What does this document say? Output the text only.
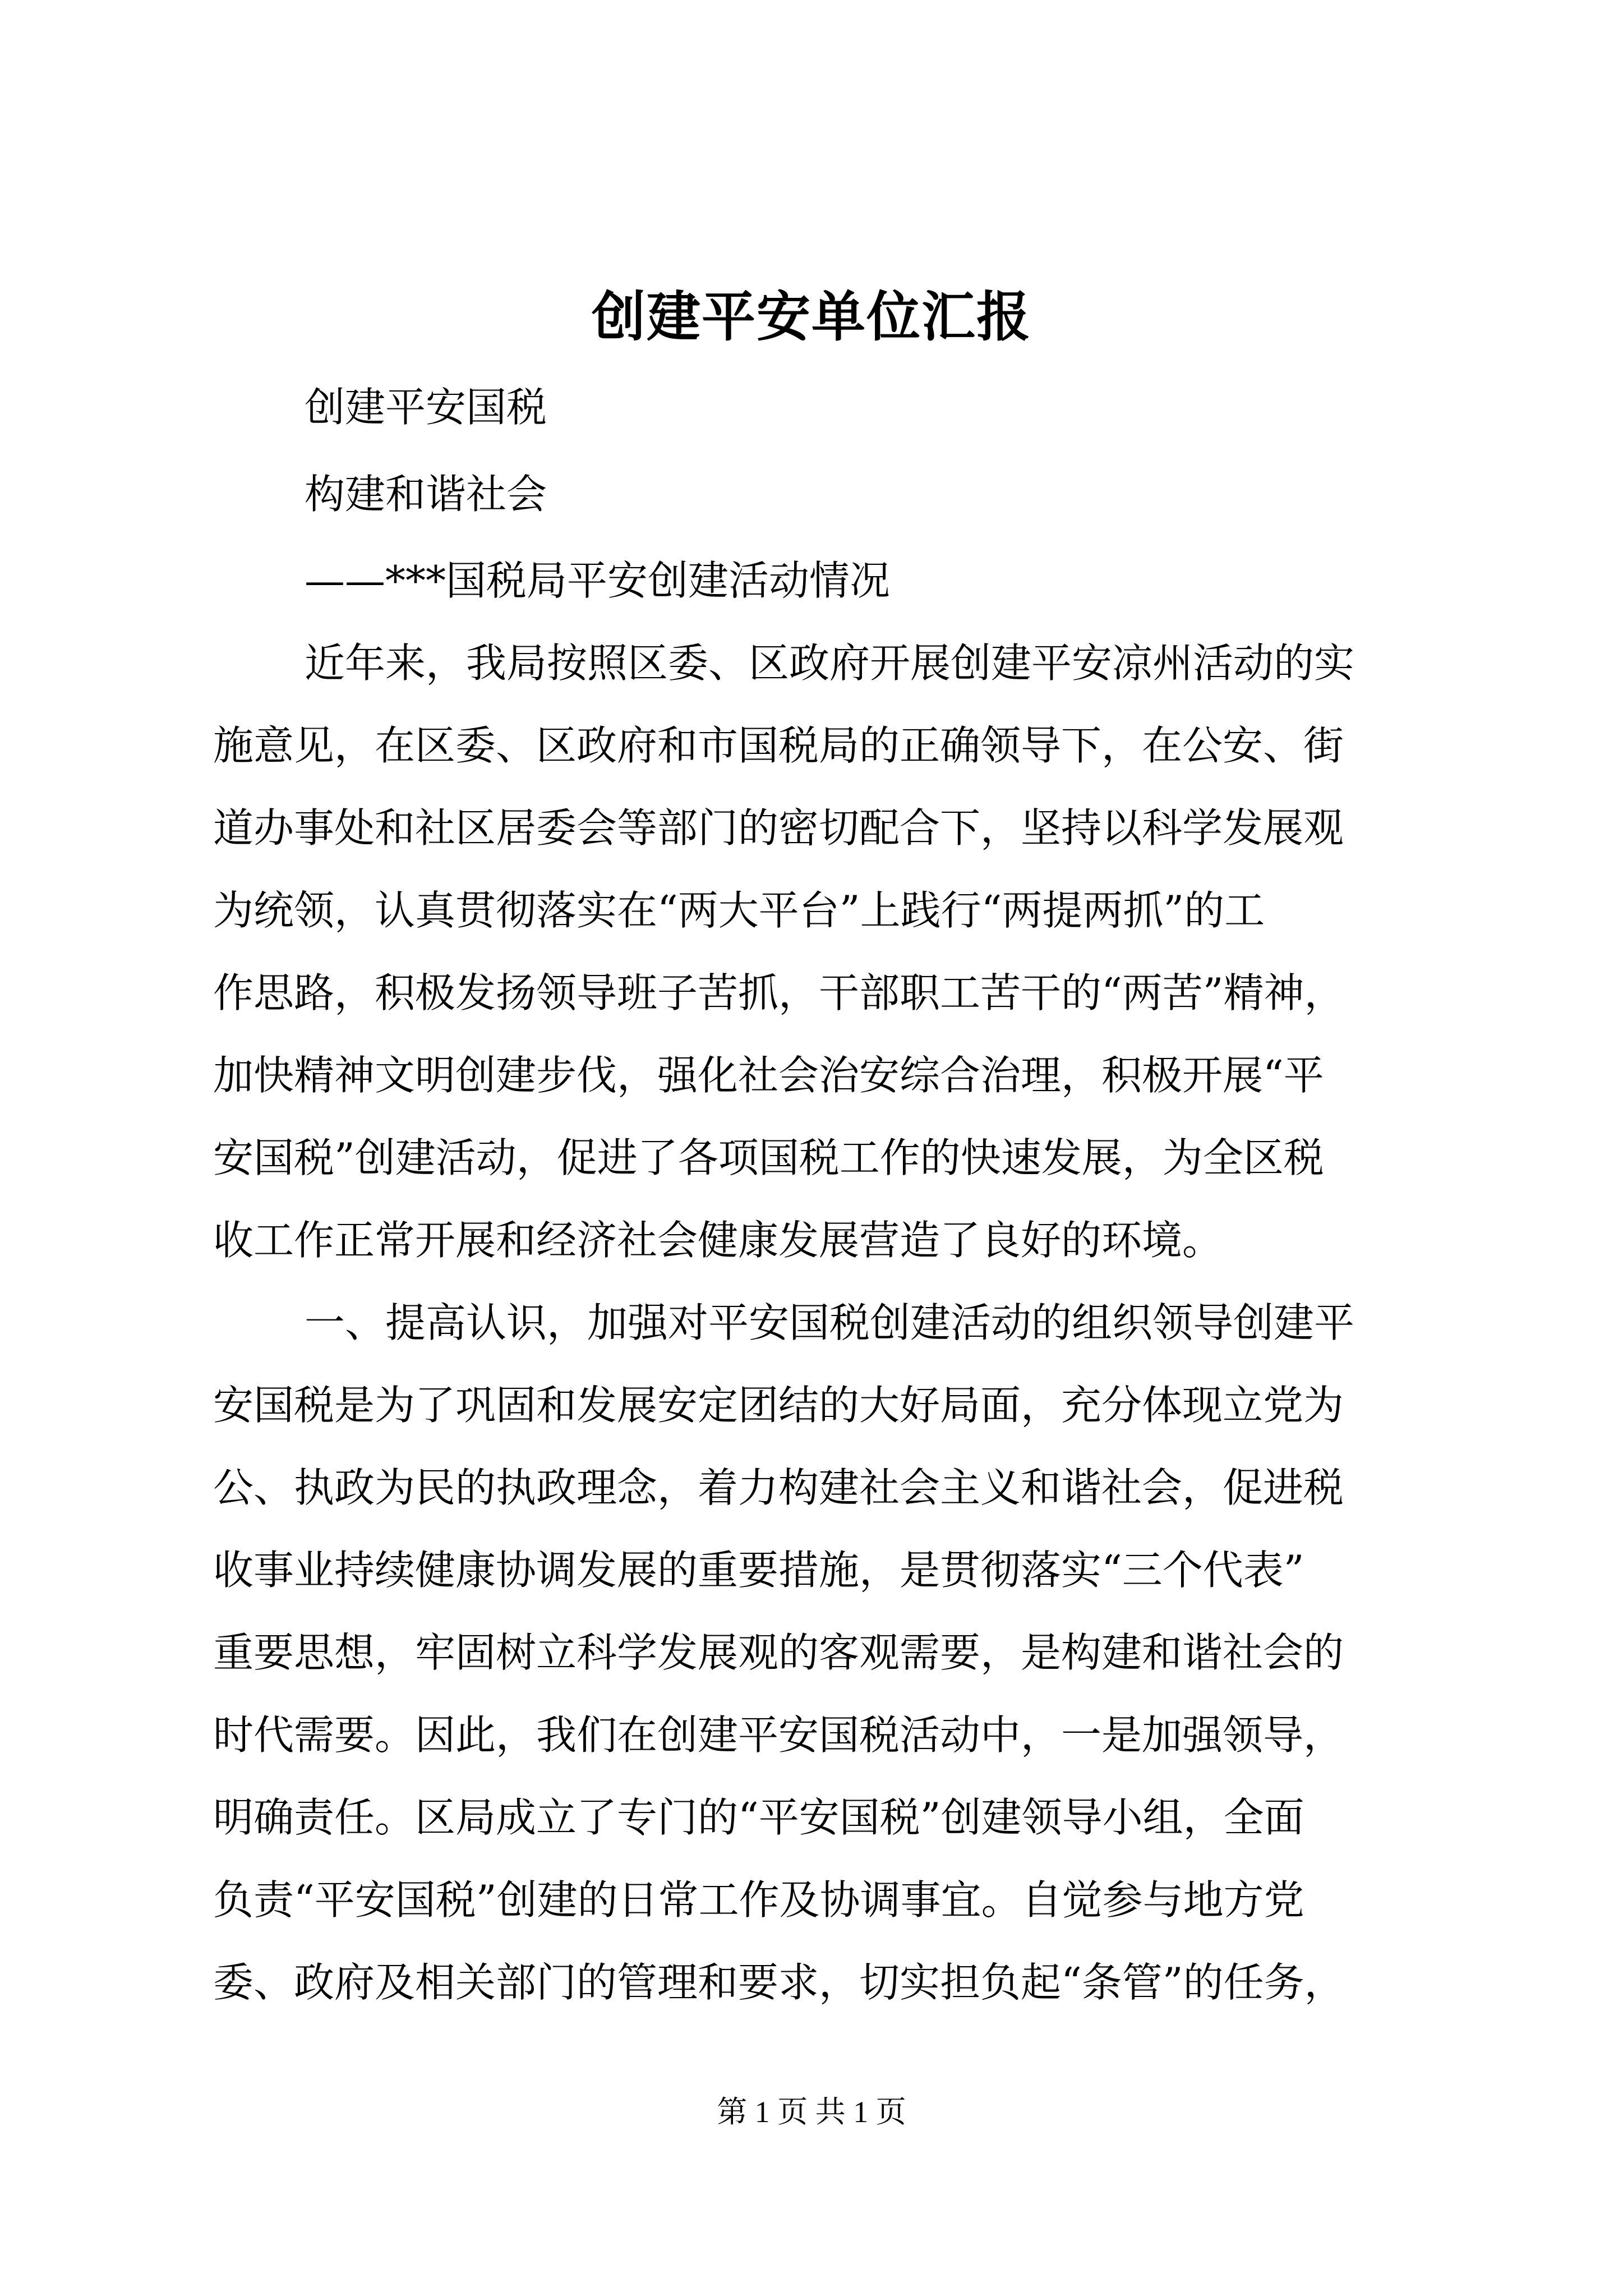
创建平安单位汇报
创建平安国税
构建和谐社会
——***国税局平安创建活动情况
近年来，我局按照区委、区政府开展创建平安凉州活动的实
施意见，在区委、区政府和市国税局的正确领导下，在公安、街
道办事处和社区居委会等部门的密切配合下，坚持以科学发展观
为统领，认真贯彻落实在“两大平台”上践行“两提两抓”的工
作思路，积极发扬领导班子苦抓，干部职工苦干的“两苦”精神，
加快精神文明创建步伐，强化社会治安综合治理，积极开展“平
安国税”创建活动，促进了各项国税工作的快速发展，为全区税
收工作正常开展和经济社会健康发展营造了良好的环境。
一、提高认识，加强对平安国税创建活动的组织领导创建平
安国税是为了巩固和发展安定团结的大好局面，充分体现立党为
公、执政为民的执政理念，着力构建社会主义和谐社会，促进税
收事业持续健康协调发展的重要措施，是贯彻落实“三个代表”
重要思想，牢固树立科学发展观的客观需要，是构建和谐社会的
时代需要。因此，我们在创建平安国税活动中，一是加强领导，
明确责任。区局成立了专门的“平安国税”创建领导小组，全面
负责“平安国税”创建的日常工作及协调事宜。自觉参与地方党
委、政府及相关部门的管理和要求，切实担负起“条管”的任务，
第 1 页 共 1 页
